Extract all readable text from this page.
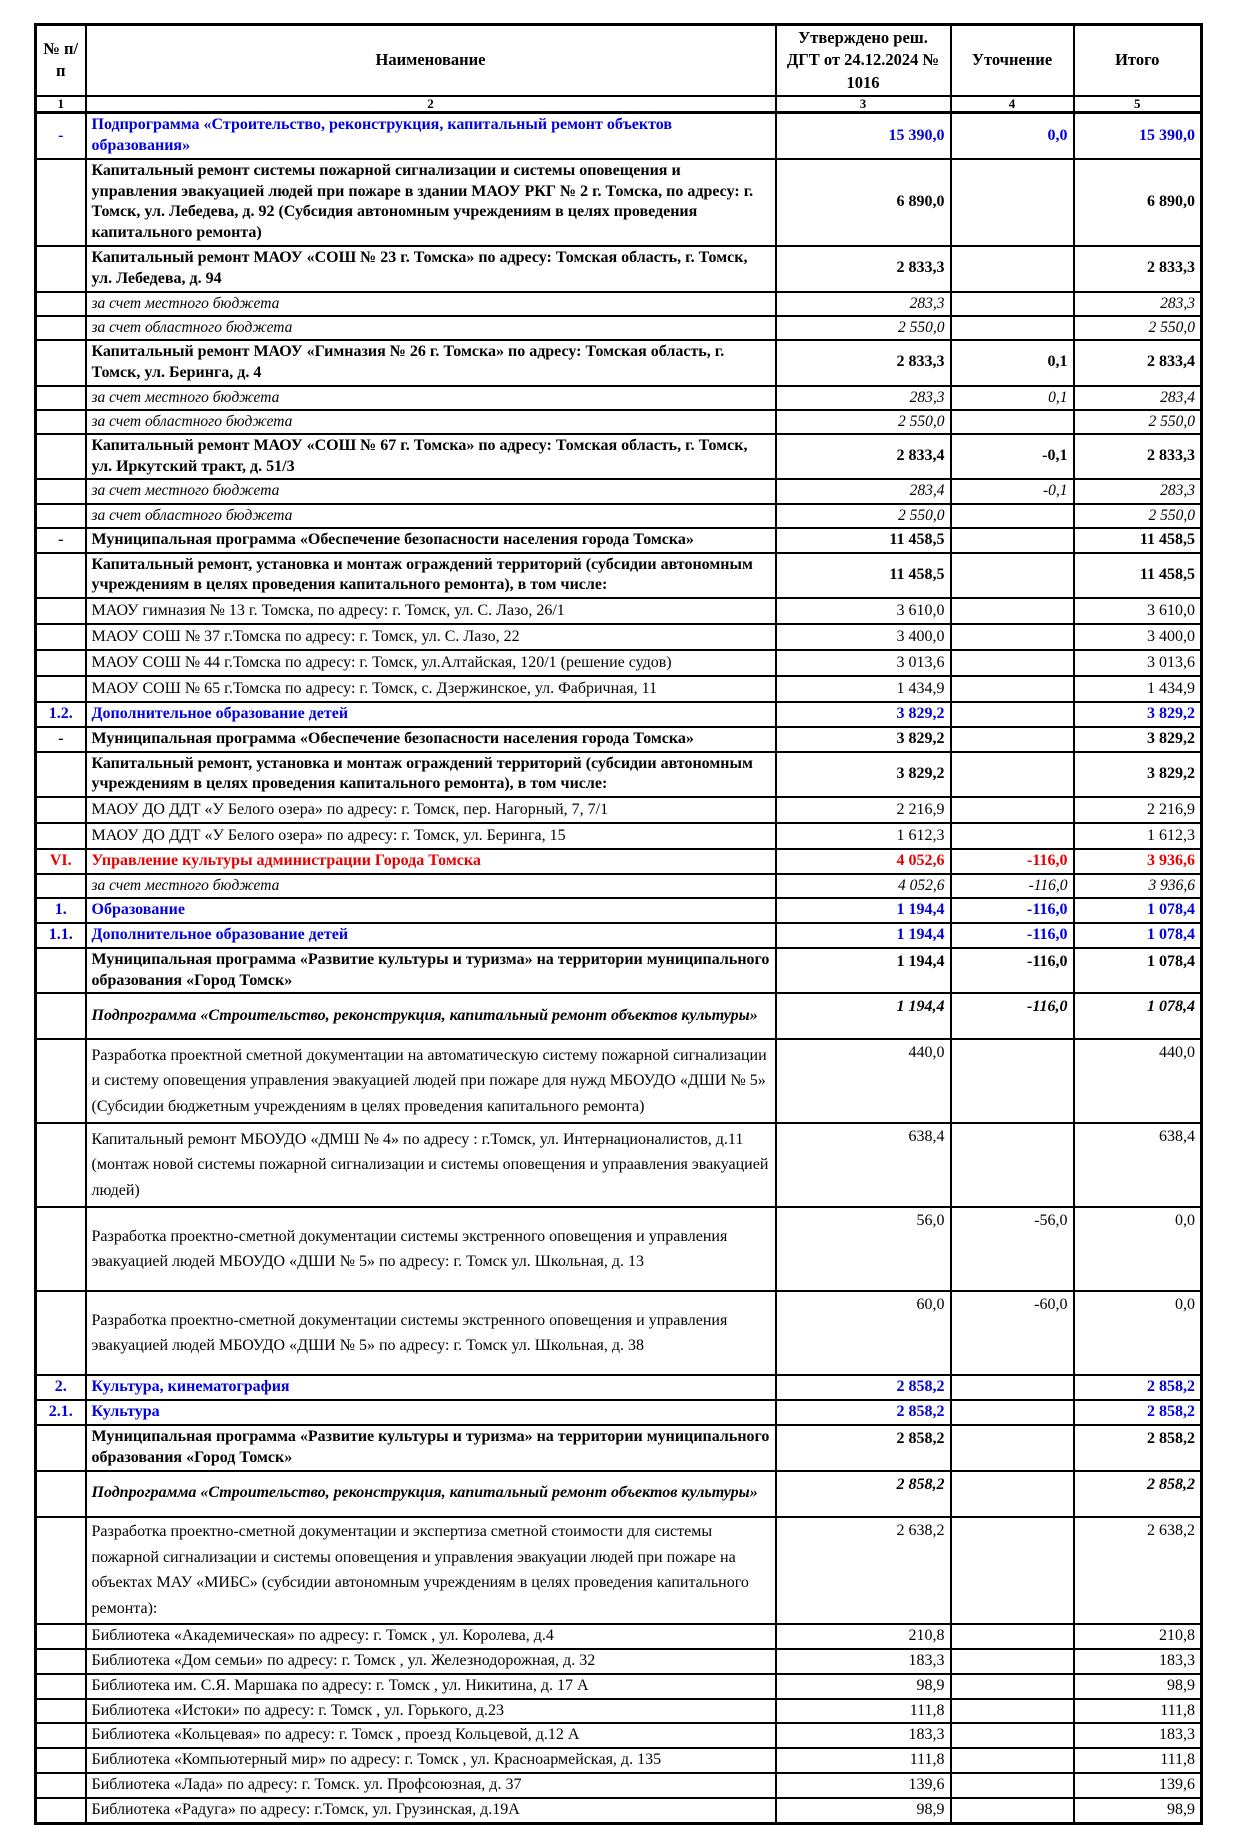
№ п/п	Наименование	Утверждено реш. ДГТ от 24.12.2024 № 1016	Уточнение	Итого
1	2	3	4	5
-	Подпрограмма «Строительство, реконструкция, капитальный ремонт объектов образования»	15 390,0	0,0	15 390,0
	Капитальный ремонт системы пожарной сигнализации и системы оповещения и управления эвакуацией людей при пожаре в здании МАОУ РКГ № 2 г. Томска, по адресу: г. Томск, ул. Лебедева, д. 92 (Субсидия автономным учреждениям в целях проведения капитального ремонта)	6 890,0		6 890,0
	Капитальный ремонт МАОУ «СОШ № 23 г. Томска» по адресу: Томская область, г. Томск, ул. Лебедева, д. 94	2 833,3		2 833,3
	за счет местного бюджета	283,3		283,3
	за счет областного бюджета	2 550,0		2 550,0
	Капитальный ремонт МАОУ «Гимназия № 26 г. Томска» по адресу: Томская область, г. Томск, ул. Беринга, д. 4	2 833,3	0,1	2 833,4
	за счет местного бюджета	283,3	0,1	283,4
	за счет областного бюджета	2 550,0		2 550,0
	Капитальный ремонт МАОУ «СОШ № 67 г. Томска» по адресу: Томская область, г. Томск, ул. Иркутский тракт, д. 51/3	2 833,4	-0,1	2 833,3
	за счет местного бюджета	283,4	-0,1	283,3
	за счет областного бюджета	2 550,0		2 550,0
-	Муниципальная программа «Обеспечение безопасности населения города Томска»	11 458,5		11 458,5
	Капитальный ремонт, установка и монтаж ограждений территорий (субсидии автономным учреждениям в целях проведения капитального ремонта), в том числе:	11 458,5		11 458,5
	МАОУ гимназия № 13 г. Томска, по адресу: г. Томск, ул. С. Лазо, 26/1	3 610,0		3 610,0
	МАОУ СОШ № 37 г.Томска по адресу: г. Томск, ул. С. Лазо, 22	3 400,0		3 400,0
	МАОУ СОШ № 44 г.Томска по адресу: г. Томск, ул.Алтайская, 120/1 (решение судов)	3 013,6		3 013,6
	МАОУ СОШ № 65 г.Томска по адресу: г. Томск, с. Дзержинское, ул. Фабричная, 11	1 434,9		1 434,9
1.2.	Дополнительное образование детей	3 829,2		3 829,2
-	Муниципальная программа «Обеспечение безопасности населения города Томска»	3 829,2		3 829,2
	Капитальный ремонт, установка и монтаж ограждений территорий (субсидии автономным учреждениям в целях проведения капитального ремонта), в том числе:	3 829,2		3 829,2
	МАОУ ДО ДДТ «У Белого озера» по адресу: г. Томск, пер. Нагорный, 7, 7/1	2 216,9		2 216,9
	МАОУ ДО ДДТ «У Белого озера» по адресу: г. Томск, ул. Беринга, 15	1 612,3		1 612,3
VI.	Управление культуры администрации Города Томска	4 052,6	-116,0	3 936,6
	за счет местного бюджета	4 052,6	-116,0	3 936,6
1.	Образование	1 194,4	-116,0	1 078,4
1.1.	Дополнительное образование детей	1 194,4	-116,0	1 078,4
	Муниципальная программа «Развитие культуры и туризма» на территории муниципального образования «Город Томск»	1 194,4	-116,0	1 078,4
	Подпрограмма «Строительство, реконструкция, капитальный ремонт объектов культуры»	1 194,4	-116,0	1 078,4
	Разработка проектной сметной документации на автоматическую систему пожарной сигнализации и систему оповещения управления эвакуацией людей при пожаре для нужд МБОУДО «ДШИ № 5» (Субсидии бюджетным учреждениям в целях проведения капитального ремонта)	440,0		440,0
	Капитальный ремонт МБОУДО «ДМШ № 4» по адресу : г.Томск, ул. Интернационалистов, д.11 (монтаж новой системы пожарной сигнализации и системы оповещения и упраавления эвакуацией людей)	638,4		638,4
	Разработка проектно-сметной документации системы экстренного оповещения и управления эвакуацией людей МБОУДО «ДШИ № 5» по адресу: г. Томск ул. Школьная, д. 13	56,0	-56,0	0,0
	Разработка проектно-сметной документации системы экстренного оповещения и управления эвакуацией людей МБОУДО «ДШИ № 5» по адресу: г. Томск ул. Школьная, д. 38	60,0	-60,0	0,0
2.	Культура, кинематография	2 858,2		2 858,2
2.1.	Культура	2 858,2		2 858,2
	Муниципальная программа «Развитие культуры и туризма» на территории муниципального образования «Город Томск»	2 858,2		2 858,2
	Подпрограмма «Строительство, реконструкция, капитальный ремонт объектов культуры»	2 858,2		2 858,2
	Разработка проектно-сметной документации и экспертиза сметной стоимости для системы пожарной сигнализации и системы оповещения и управления эвакуации людей при пожаре на объектах МАУ «МИБС» (субсидии автономным учреждениям в целях проведения капитального ремонта):	2 638,2		2 638,2
	Библиотека «Академическая» по адресу: г. Томск , ул. Королева, д.4	210,8		210,8
	Библиотека «Дом семьи» по адресу: г. Томск , ул. Железнодорожная, д. 32	183,3		183,3
	Библиотека им. С.Я. Маршака по адресу: г. Томск , ул. Никитина, д. 17 А	98,9		98,9
	Библиотека «Истоки» по адресу: г. Томск , ул. Горького, д.23	111,8		111,8
	Библиотека «Кольцевая» по адресу: г. Томск , проезд Кольцевой, д.12 А	183,3		183,3
	Библиотека «Компьютерный мир» по адресу: г. Томск , ул. Красноармейская, д. 135	111,8		111,8
	Библиотека «Лада» по адресу: г. Томск. ул. Профсоюзная, д. 37	139,6		139,6
	Библиотека «Радуга» по адресу: г.Томск, ул. Грузинская, д.19А	98,9		98,9
